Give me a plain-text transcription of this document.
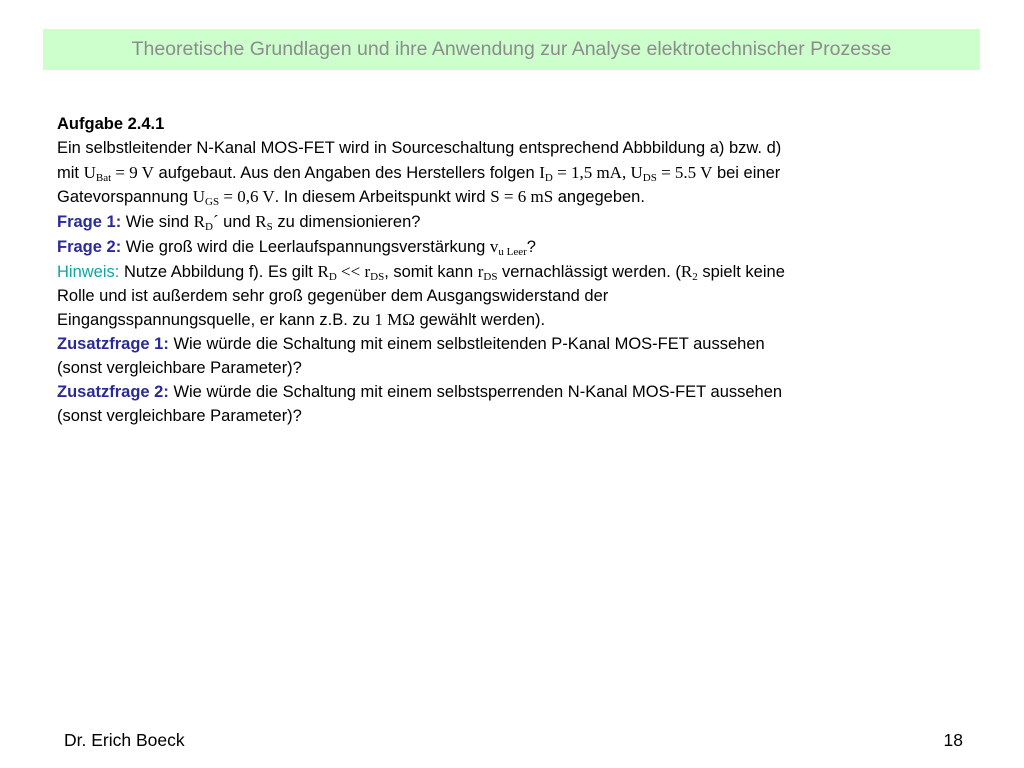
Theoretische Grundlagen und ihre Anwendung zur Analyse elektrotechnischer Prozesse

Aufgabe 2.4.1

Ein selbstleitender N-Kanal MOS-FET wird in Sourceschaltung entsprechend Abbbildung a) bzw. d)

mit $U_{Bat} = 9$ V aufgebaut. Aus den Angaben des Herstellers folgen $I_D = 1,5$ mA, $U_{DS} = 5.5$ V bei einer

Gatevorspannung $U_{GS} = 0,6$ V. In diesem Arbeitspunkt wird S = 6 mS angegeben.

Frage 1: Wie sind $R_D´$ und $R_S$ zu dimensionieren?

Frage 2: Wie groß wird die Leerlaufspannungsverstärkung $v_{u Leer}$?

Hinweis: Nutze Abbildung f). Es gilt $R_D << r_{DS}$, somit kann $r_{DS}$ vernachlässigt werden. ($R_2$ spielt keine

Rolle und ist außerdem sehr groß gegenüber dem Ausgangswiderstand der

Eingangsspannungsquelle, er kann z.B. zu 1 MΩ gewählt werden).

Zusatzfrage 1: Wie würde die Schaltung mit einem selbstleitenden P-Kanal MOS-FET aussehen

(sonst vergleichbare Parameter)?

Zusatzfrage 2: Wie würde die Schaltung mit einem selbstsperrenden N-Kanal MOS-FET aussehen

(sonst vergleichbare Parameter)?

Dr. Erich Boeck	18
